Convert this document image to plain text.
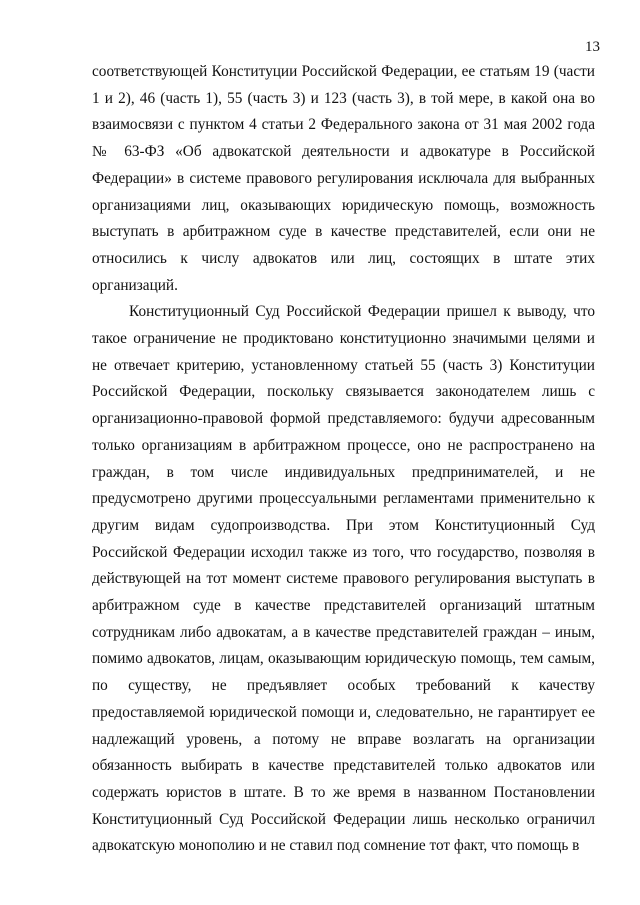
13

соответствующей Конституции Российской Федерации, ее статьям 19 (части 1 и 2), 46 (часть 1), 55 (часть 3) и 123 (часть 3), в той мере, в какой она во взаимосвязи с пунктом 4 статьи 2 Федерального закона от 31 мая 2002 года № 63-ФЗ «Об адвокатской деятельности и адвокатуре в Российской Федерации» в системе правового регулирования исключала для выбранных организациями лиц, оказывающих юридическую помощь, возможность выступать в арбитражном суде в качестве представителей, если они не относились к числу адвокатов или лиц, состоящих в штате этих организаций.

Конституционный Суд Российской Федерации пришел к выводу, что такое ограничение не продиктовано конституционно значимыми целями и не отвечает критерию, установленному статьей 55 (часть 3) Конституции Российской Федерации, поскольку связывается законодателем лишь с организационно-правовой формой представляемого: будучи адресованным только организациям в арбитражном процессе, оно не распространено на граждан, в том числе индивидуальных предпринимателей, и не предусмотрено другими процессуальными регламентами применительно к другим видам судопроизводства. При этом Конституционный Суд Российской Федерации исходил также из того, что государство, позволяя в действующей на тот момент системе правового регулирования выступать в арбитражном суде в качестве представителей организаций штатным сотрудникам либо адвокатам, а в качестве представителей граждан – иным, помимо адвокатов, лицам, оказывающим юридическую помощь, тем самым, по существу, не предъявляет особых требований к качеству предоставляемой юридической помощи и, следовательно, не гарантирует ее надлежащий уровень, а потому не вправе возлагать на организации обязанность выбирать в качестве представителей только адвокатов или содержать юристов в штате. В то же время в названном Постановлении Конституционный Суд Российской Федерации лишь несколько ограничил адвокатскую монополию и не ставил под сомнение тот факт, что помощь в
